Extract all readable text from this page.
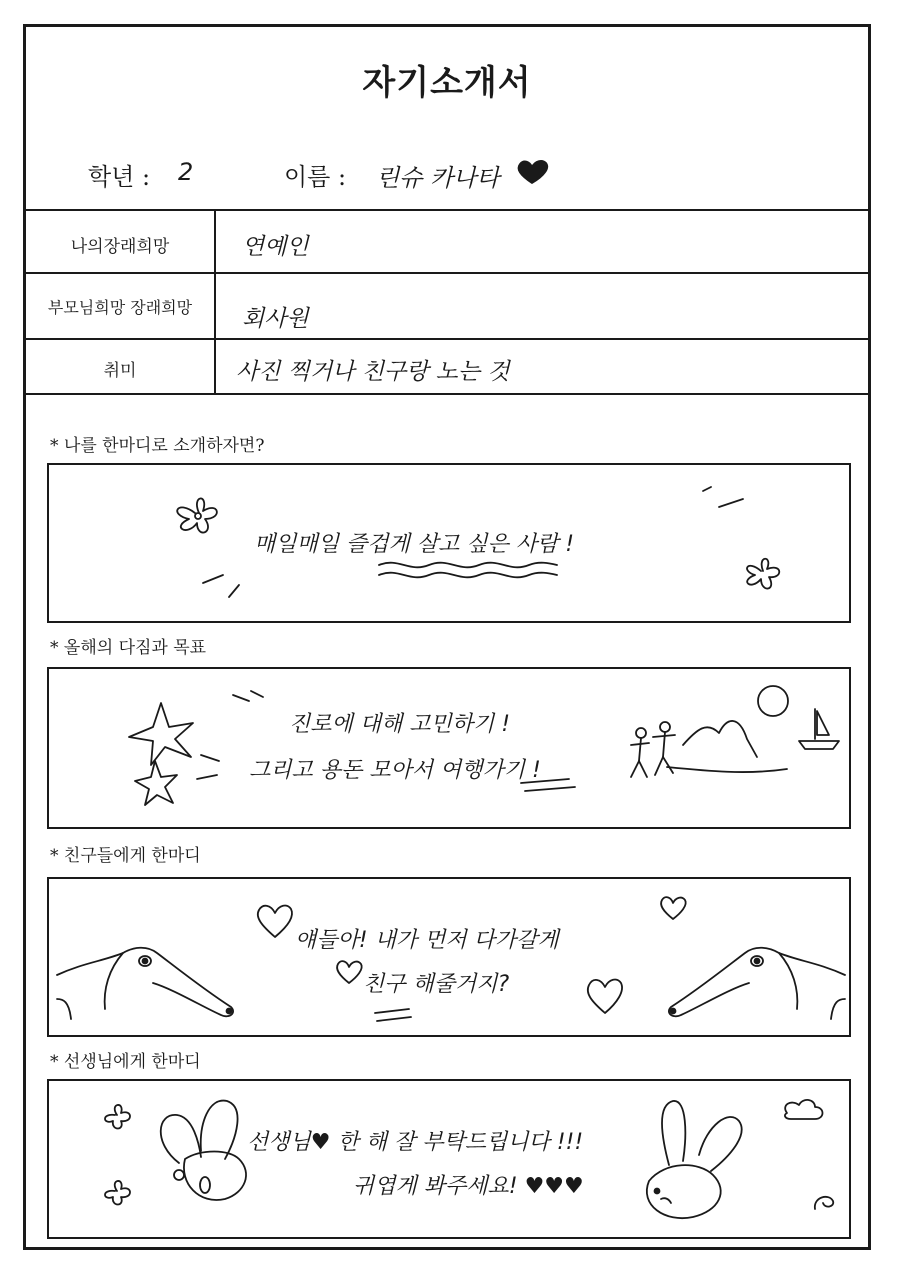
자기소개서
학년 : 2	이름 : 린슈 카나타
나의장래희망	연예인
부모님희망 장래희망	회사원
취미	사진 찍거나 친구랑 노는 것
* 나를 한마디로 소개하자면?
매일매일 즐겁게 살고 싶은 사람 !
* 올해의 다짐과 목표
진로에 대해 고민하기 !
그리고 용돈 모아서 여행가기 !
* 친구들에게 한마디
얘들아! 내가 먼저 다가갈게
친구 해줄거지?
* 선생님에게 한마디
선생님♥ 한 해 잘 부탁드립니다 !!!
귀엽게 봐주세요! ♥♥♥
